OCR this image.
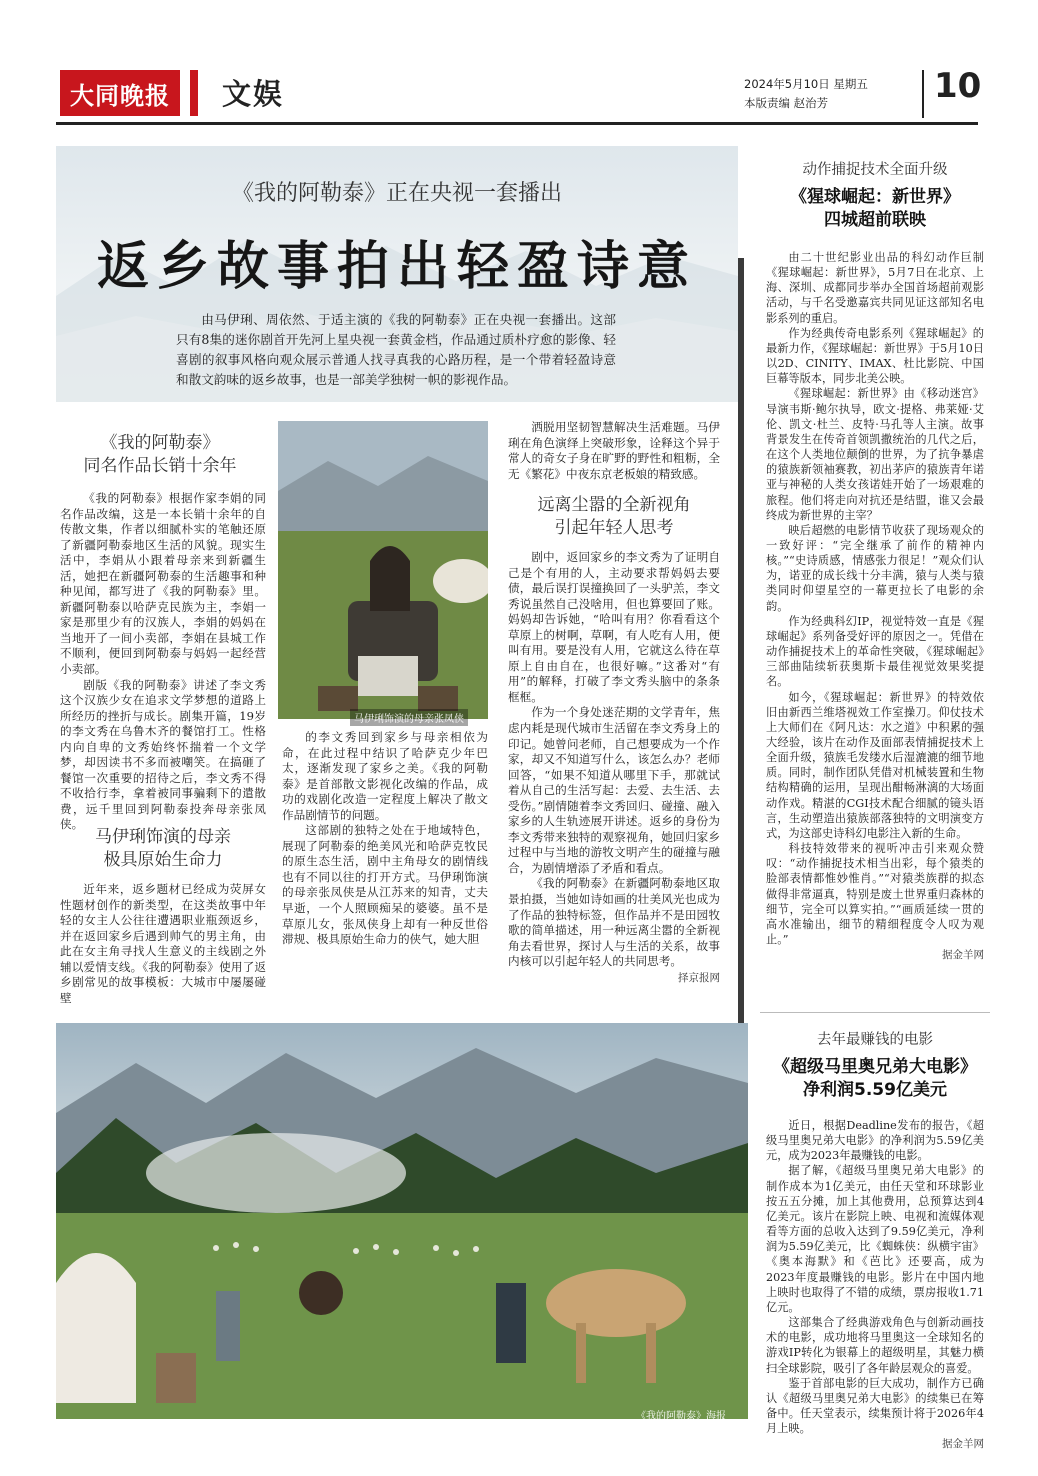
大同晚报 文娱	2024年5月10日 星期五
本版责编 赵治芳	10
《我的阿勒泰》正在央视一套播出
返乡故事拍出轻盈诗意
由马伊琍、周依然、于适主演的《我的阿勒泰》正在央视一套播出。这部只有8集的迷你剧首开先河上星央视一套黄金档，作品通过质朴疗愈的影像、轻喜剧的叙事风格向观众展示普通人找寻真我的心路历程，是一个带着轻盈诗意和散文韵味的返乡故事，也是一部美学独树一帜的影视作品。
《我的阿勒泰》
同名作品长销十余年

《我的阿勒泰》根据作家李娟的同名作品改编，这是一本长销十余年的自传散文集，作者以细腻朴实的笔触还原了新疆阿勒泰地区生活的风貌。现实生活中，李娟从小跟着母亲来到新疆生活，她把在新疆阿勒泰的生活趣事和种种见闻，都写进了《我的阿勒泰》里。新疆阿勒泰以哈萨克民族为主，李娟一家是那里少有的汉族人，李娟的妈妈在当地开了一间小卖部，李娟在县城工作不顺利，便回到阿勒泰与妈妈一起经营小卖部。

剧版《我的阿勒泰》讲述了李文秀这个汉族少女在追求文学梦想的道路上所经历的挫折与成长。剧集开篇，19岁的李文秀在乌鲁木齐的餐馆打工。性格内向自卑的文秀始终怀揣着一个文学梦，却因读书不多而被嘲笑。在搞砸了餐馆一次重要的招待之后，李文秀不得不收拾行李，拿着被同事骗剩下的遣散费，远千里回到阿勒泰投奔母亲张凤侠。

马伊琍饰演的母亲
极具原始生命力

近年来，返乡题材已经成为荧屏女性题材创作的新类型，在这类故事中年轻的女主人公往往遭遇职业瓶颈返乡，并在返回家乡后遇到帅气的男主角，由此在女主角寻找人生意义的主线剧之外辅以爱情支线。《我的阿勒泰》使用了返乡剧常见的故事模板：大城市中屡屡碰壁

马伊琍饰演的母亲张凤侠

的李文秀回到家乡与母亲相依为命，在此过程中结识了哈萨克少年巴太，逐渐发现了家乡之美。《我的阿勒泰》是首部散文影视化改编的作品，成功的戏剧化改造一定程度上解决了散文作品剧情节的问题。

这部剧的独特之处在于地域特色，展现了阿勒泰的绝美风光和哈萨克牧民的原生态生活，剧中主角母女的剧情线也有不同以往的打开方式。马伊琍饰演的母亲张凤侠是从江苏来的知青，丈夫早逝，一个人照顾痴呆的婆婆。虽不是草原儿女，张凤侠身上却有一种反世俗滞规、极具原始生命力的侠气，她大胆

洒脱用坚韧智慧解决生活难题。马伊琍在角色演绎上突破形象，诠释这个异于常人的奇女子身在旷野的野性和粗粝，全无《繁花》中夜东京老板娘的精致感。

远离尘嚣的全新视角
引起年轻人思考

剧中，返回家乡的李文秀为了证明自己是个有用的人，主动要求帮妈妈去要债，最后误打误撞换回了一头驴羔，李文秀说虽然自己没啥用，但也算要回了账。妈妈却告诉她，“哈叫有用？你看看这个草原上的树啊，草啊，有人吃有人用，便叫有用。要是没有人用，它就这么待在草原上自由自在，也很好嘛。”这番对“有用”的解释，打破了李文秀头脑中的条条框框。

作为一个身处迷茫期的文学青年，焦虑内耗是现代城市生活留在李文秀身上的印记。她曾问老师，自己想要成为一个作家，却又不知道写什么，该怎么办？老师回答，“如果不知道从哪里下手，那就试着从自己的生活写起：去爱、去生活、去受伤。”剧情随着李文秀回归、碰撞、融入家乡的人生轨迹展开讲述。返乡的身份为李文秀带来独特的观察视角，她回归家乡过程中与当地的游牧文明产生的碰撞与融合，为剧情增添了矛盾和看点。

《我的阿勒泰》在新疆阿勒泰地区取景拍摄，当她如诗如画的壮美风光也成为了作品的独特标签，但作品并不是田园牧歌的简单描述，用一种远离尘嚣的全新视角去看世界，探讨人与生活的关系，故事内核可以引起年轻人的共同思考。

择京报网
《我的阿勒泰》海报
动作捕捉技术全面升级
《猩球崛起：新世界》
四城超前联映

由二十世纪影业出品的科幻动作巨制《猩球崛起：新世界》，5月7日在北京、上海、深圳、成都同步举办全国首场超前观影活动，与千名受邀嘉宾共同见证这部知名电影系列的重启。

作为经典传奇电影系列《猩球崛起》的最新力作，《猩球崛起：新世界》于5月10日以2D、CINITY、IMAX、杜比影院、中国巨幕等版本，同步北美公映。

《猩球崛起：新世界》由《移动迷宫》导演韦斯·鲍尔执导，欧文·提格、弗莱娅·艾伦、凯文·杜兰、皮特·马孔等人主演。故事背景发生在传奇首领凯撒统治的几代之后，在这个人类地位颠倒的世界，为了抗争暴虐的猿族新领袖赛教，初出茅庐的猿族青年诺亚与神秘的人类女孩诺娃开始了一场艰难的旅程。他们将走向对抗还是结盟，谁又会最终成为新世界的主宰？

映后超燃的电影情节收获了现场观众的一致好评：“完全继承了前作的精神内核。”“史诗质感，情感张力很足！”观众们认为，诺亚的成长线十分丰满，猿与人类与猿类同时仰望星空的一幕更拉长了电影的余韵。

作为经典科幻IP，视觉特效一直是《猩球崛起》系列备受好评的原因之一。凭借在动作捕捉技术上的革命性突破，《猩球崛起》三部曲陆续斩获奥斯卡最佳视觉效果奖提名。

如今，《猩球崛起：新世界》的特效依旧由新西兰维塔视效工作室操刀。仰仗技术上大师们在《阿凡达：水之道》中积累的强大经验，该片在动作及面部表情捕捉技术上全面升级，猿族毛发缕水后湿漉漉的细节地质。同时，制作团队凭借对机械装置和生物结构精确的运用，呈现出酣畅淋漓的大场面动作戏。精湛的CGI技术配合细腻的镜头语言，生动塑造出猿族部落独特的文明演变方式，为这部史诗科幻电影注入新的生命。

科技特效带来的视听冲击引来观众赞叹：“动作捕捉技术相当出彩，每个猿类的脸部表情都惟妙惟肖。”“对猿类族群的拟态做得非常逼真，特别是废土世界重归森林的细节，完全可以算实拍。”“画质延续一贯的高水准输出，细节的精细程度令人叹为观止。”

据金羊网
去年最赚钱的电影
《超级马里奥兄弟大电影》
净利润5.59亿美元

近日，根据Deadline发布的报告，《超级马里奥兄弟大电影》的净利润为5.59亿美元，成为2023年最赚钱的电影。

据了解，《超级马里奥兄弟大电影》的制作成本为1亿美元，由任天堂和环球影业按五五分摊，加上其他费用，总预算达到4亿美元。该片在影院上映、电视和流媒体观看等方面的总收入达到了9.59亿美元，净利润为5.59亿美元，比《蜘蛛侠：纵横宇宙》《奥本海默》和《芭比》还要高，成为2023年度最赚钱的电影。影片在中国内地上映时也取得了不错的成绩，票房报收1.71亿元。

这部集合了经典游戏角色与创新动画技术的电影，成功地将马里奥这一全球知名的游戏IP转化为银幕上的超级明星，其魅力横扫全球影院，吸引了各年龄层观众的喜爱。

鉴于首部电影的巨大成功，制作方已确认《超级马里奥兄弟大电影》的续集已在筹备中。任天堂表示，续集预计将于2026年4月上映。

据金羊网
